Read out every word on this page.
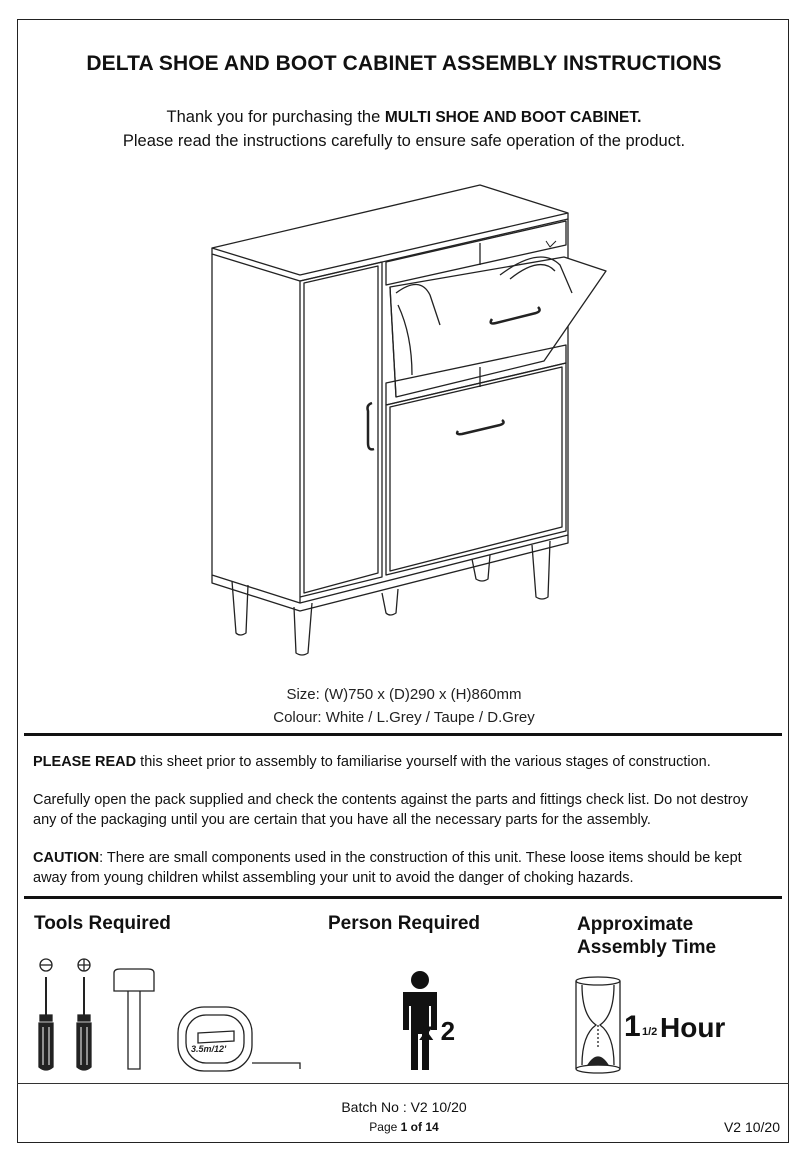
DELTA SHOE AND BOOT CABINET ASSEMBLY INSTRUCTIONS
Thank you for purchasing the MULTI SHOE AND BOOT CABINET.
Please read the instructions carefully to ensure safe operation of the product.
Size: (W)750 x (D)290 x (H)860mm
Colour: White / L.Grey / Taupe / D.Grey
PLEASE READ this sheet prior to assembly to familiarise yourself with the various stages of construction.
Carefully open the pack supplied and check the contents against the parts and fittings check list. Do not destroy any of the packaging until you are certain that you have all the necessary parts for the assembly.
CAUTION: There are small components used in the construction of this unit. These loose items should be kept away from young children whilst assembling your unit to avoid the danger of choking hazards.
Tools Required	Person Required	Approximate
Assembly Time
3.5m/12'
x 2	1 1/2 Hour
Batch No : V2 10/20
Page 1 of 14	V2 10/20
